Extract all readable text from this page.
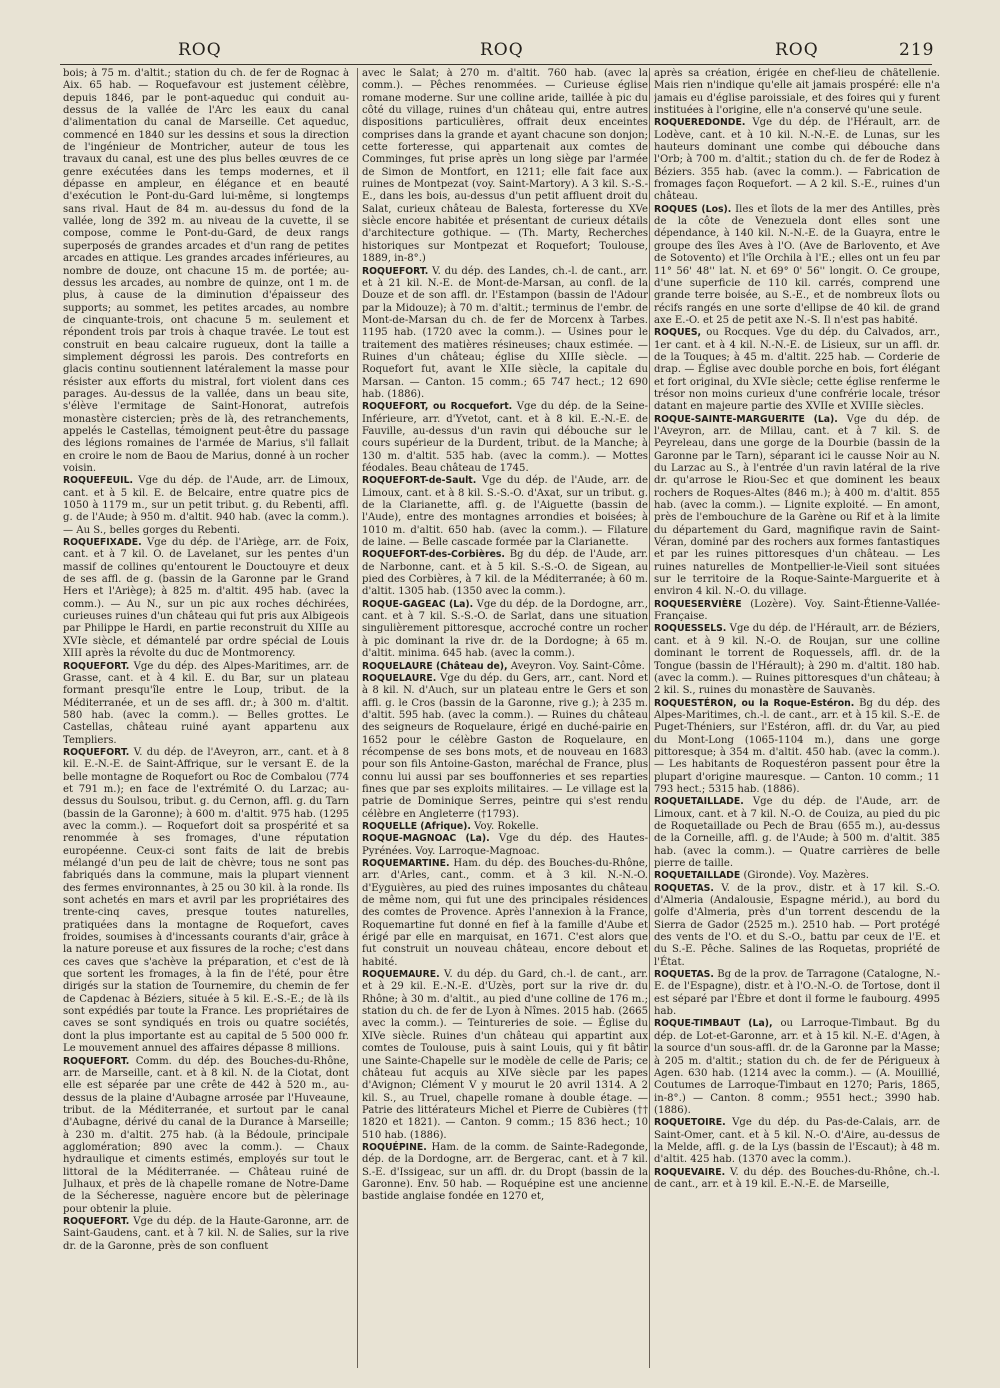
ROQ	ROQ	ROQ	219

bois; à 75 m. d'altit.; station du ch. de fer de Rognac à Aix. 65 hab. — Roquefavour est justement célèbre, depuis 1846, par le pont-aqueduc qui conduit au-dessus de la vallée de l'Arc les eaux du canal d'alimentation du canal de Marseille. Cet aqueduc, commencé en 1840 sur les dessins et sous la direction de l'ingénieur de Montricher, auteur de tous les travaux du canal, est une des plus belles œuvres de ce genre exécutées dans les temps modernes, et il dépasse en ampleur, en élégance et en beauté d'exécution le Pont-du-Gard lui-même, si longtemps sans rival. Haut de 84 m. au-dessus du fond de la vallée, long de 392 m. au niveau de la cuvette, il se compose, comme le Pont-du-Gard, de deux rangs superposés de grandes arcades et d'un rang de petites arcades en attique. Les grandes arcades inférieures, au nombre de douze, ont chacune 15 m. de portée; au-dessus les arcades, au nombre de quinze, ont 1 m. de plus, à cause de la diminution d'épaisseur des supports; au sommet, les petites arcades, au nombre de cinquante-trois, ont chacune 5 m. seulement et répondent trois par trois à chaque travée. Le tout est construit en beau calcaire rugueux, dont la taille a simplement dégrossi les parois. Des contreforts en glacis continu soutiennent latéralement la masse pour résister aux efforts du mistral, fort violent dans ces parages. Au-dessus de la vallée, dans un beau site, s'élève l'ermitage de Saint-Honorat, autrefois monastère cistercien; près de là, des retranchements, appelés le Castellas, témoignent peut-être du passage des légions romaines de l'armée de Marius, s'il fallait en croire le nom de Baou de Marius, donné à un rocher voisin.

ROQUEFEUIL. Vge du dép. de l'Aude, arr. de Limoux, cant. et à 5 kil. E. de Belcaire, entre quatre pics de 1050 à 1179 m., sur un petit tribut. g. du Rebenti, affl. g. de l'Aude; à 950 m. d'altit. 940 hab. (avec la comm.). — Au S., belles gorges du Rebenti.

ROQUEFIXADE. Vge du dép. de l'Ariège, arr. de Foix, cant. et à 7 kil. O. de Lavelanet, sur les pentes d'un massif de collines qu'entourent le Douctouyre et deux de ses affl. de g. (bassin de la Garonne par le Grand Hers et l'Ariège); à 825 m. d'altit. 495 hab. (avec la comm.). — Au N., sur un pic aux roches déchirées, curieuses ruines d'un château qui fut pris aux Albigeois par Philippe le Hardi, en partie reconstruit du XIIIe au XVIe siècle, et démantelé par ordre spécial de Louis XIII après la révolte du duc de Montmorency.

ROQUEFORT. Vge du dép. des Alpes-Maritimes, arr. de Grasse, cant. et à 4 kil. E. du Bar, sur un plateau formant presqu'île entre le Loup, tribut. de la Méditerranée, et un de ses affl. dr.; à 300 m. d'altit. 580 hab. (avec la comm.). — Belles grottes. Le Castellas, château ruiné ayant appartenu aux Templiers.

ROQUEFORT. V. du dép. de l'Aveyron, arr., cant. et à 8 kil. E.-N.-E. de Saint-Affrique, sur le versant E. de la belle montagne de Roquefort ou Roc de Combalou (774 et 791 m.); en face de l'extrémité O. du Larzac; au-dessus du Soulsou, tribut. g. du Cernon, affl. g. du Tarn (bassin de la Garonne); à 600 m. d'altit. 975 hab. (1295 avec la comm.). — Roquefort doit sa prospérité et sa renommée à ses fromages, d'une réputation européenne. Ceux-ci sont faits de lait de brebis mélangé d'un peu de lait de chèvre; tous ne sont pas fabriqués dans la commune, mais la plupart viennent des fermes environnantes, à 25 ou 30 kil. à la ronde. Ils sont achetés en mars et avril par les propriétaires des trente-cinq caves, presque toutes naturelles, pratiquées dans la montagne de Roquefort, caves froides, soumises à d'incessants courants d'air, grâce à la nature poreuse et aux fissures de la roche; c'est dans ces caves que s'achève la préparation, et c'est de là que sortent les fromages, à la fin de l'été, pour être dirigés sur la station de Tournemire, du chemin de fer de Capdenac à Béziers, située à 5 kil. E.-S.-E.; de là ils sont expédiés par toute la France. Les propriétaires de caves se sont syndiqués en trois ou quatre sociétés, dont la plus importante est au capital de 5 500 000 fr. Le mouvement annuel des affaires dépasse 8 millions.

ROQUEFORT. Comm. du dép. des Bouches-du-Rhône, arr. de Marseille, cant. et à 8 kil. N. de la Ciotat, dont elle est séparée par une crête de 442 à 520 m., au-dessus de la plaine d'Aubagne arrosée par l'Huveaune, tribut. de la Méditerranée, et surtout par le canal d'Aubagne, dérivé du canal de la Durance à Marseille; à 230 m. d'altit. 275 hab. (à la Bédoule, principale agglomération; 890 avec la comm.). — Chaux hydraulique et ciments estimés, employés sur tout le littoral de la Méditerranée. — Château ruiné de Julhaux, et près de là chapelle romane de Notre-Dame de la Sécheresse, naguère encore but de pèlerinage pour obtenir la pluie.

ROQUEFORT. Vge du dép. de la Haute-Garonne, arr. de Saint-Gaudens, cant. et à 7 kil. N. de Salies, sur la rive dr. de la Garonne, près de son confluent

avec le Salat; à 270 m. d'altit. 760 hab. (avec la comm.). — Pêches renommées. — Curieuse église romane moderne. Sur une colline aride, taillée à pic du côté du village, ruines d'un château qui, entre autres dispositions particulières, offrait deux enceintes comprises dans la grande et ayant chacune son donjon; cette forteresse, qui appartenait aux comtes de Comminges, fut prise après un long siège par l'armée de Simon de Montfort, en 1211; elle fait face aux ruines de Montpezat (voy. Saint-Martory). A 3 kil. S.-S.-E., dans les bois, au-dessus d'un petit affluent droit du Salat, curieux château de Balesta, forteresse du XVe siècle encore habitée et présentant de curieux détails d'architecture gothique. — (Th. Marty, Recherches historiques sur Montpezat et Roquefort; Toulouse, 1889, in-8°.)

ROQUEFORT. V. du dép. des Landes, ch.-l. de cant., arr. et à 21 kil. N.-E. de Mont-de-Marsan, au confl. de la Douze et de son affl. dr. l'Estampon (bassin de l'Adour par la Midouze); à 70 m. d'altit.; terminus de l'embr. de Mont-de-Marsan du ch. de fer de Morcenx à Tarbes. 1195 hab. (1720 avec la comm.). — Usines pour le traitement des matières résineuses; chaux estimée. — Ruines d'un château; église du XIIIe siècle. — Roquefort fut, avant le XIIe siècle, la capitale du Marsan. — Canton. 15 comm.; 65 747 hect.; 12 690 hab. (1886).

ROQUEFORT, ou Rocquefort. Vge du dép. de la Seine-Inférieure, arr. d'Yvetot, cant. et à 8 kil. E.-N.-E. de Fauville, au-dessus d'un ravin qui débouche sur le cours supérieur de la Durdent, tribut. de la Manche; à 130 m. d'altit. 535 hab. (avec la comm.). — Mottes féodales. Beau château de 1745.

ROQUEFORT-de-Sault. Vge du dép. de l'Aude, arr. de Limoux, cant. et à 8 kil. S.-S.-O. d'Axat, sur un tribut. g. de la Clarianette, affl. g. de l'Aiguette (bassin de l'Aude), entre des montagnes arrondies et boisées; à 1010 m. d'altit. 650 hab. (avec la comm.). — Filature de laine. — Belle cascade formée par la Clarianette.

ROQUEFORT-des-Corbières. Bg du dép. de l'Aude, arr. de Narbonne, cant. et à 5 kil. S.-S.-O. de Sigean, au pied des Corbières, à 7 kil. de la Méditerranée; à 60 m. d'altit. 1305 hab. (1350 avec la comm.).

ROQUE-GAGEAC (La). Vge du dép. de la Dordogne, arr., cant. et à 7 kil. S.-S.-O. de Sarlat, dans une situation singulièrement pittoresque, accroché contre un rocher à pic dominant la rive dr. de la Dordogne; à 65 m. d'altit. minima. 645 hab. (avec la comm.).

ROQUELAURE (Château de), Aveyron. Voy. Saint-Côme.

ROQUELAURE. Vge du dép. du Gers, arr., cant. Nord et à 8 kil. N. d'Auch, sur un plateau entre le Gers et son affl. g. le Cros (bassin de la Garonne, rive g.); à 235 m. d'altit. 595 hab. (avec la comm.). — Ruines du château des seigneurs de Roquelaure, érigé en duché-pairie en 1652 pour le célèbre Gaston de Roquelaure, en récompense de ses bons mots, et de nouveau en 1683 pour son fils Antoine-Gaston, maréchal de France, plus connu lui aussi par ses bouffonneries et ses reparties fines que par ses exploits militaires. — Le village est la patrie de Dominique Serres, peintre qui s'est rendu célèbre en Angleterre (†1793).

ROQUELLE (Afrique). Voy. Rokelle.

ROQUE-MAGNOAC (La). Vge du dép. des Hautes-Pyrénées. Voy. Larroque-Magnoac.

ROQUEMARTINE. Ham. du dép. des Bouches-du-Rhône, arr. d'Arles, cant., comm. et à 3 kil. N.-N.-O. d'Eyguières, au pied des ruines imposantes du château de même nom, qui fut une des principales résidences des comtes de Provence. Après l'annexion à la France, Roquemartine fut donné en fief à la famille d'Aube et érigé par elle en marquisat, en 1671. C'est alors que fut construit un nouveau château, encore debout et habité.

ROQUEMAURE. V. du dép. du Gard, ch.-l. de cant., arr. et à 29 kil. E.-N.-E. d'Uzès, port sur la rive dr. du Rhône; à 30 m. d'altit., au pied d'une colline de 176 m.; station du ch. de fer de Lyon à Nîmes. 2015 hab. (2665 avec la comm.). — Teintureries de soie. — Église du XIVe siècle. Ruines d'un château qui appartint aux comtes de Toulouse, puis à saint Louis, qui y fit bâtir une Sainte-Chapelle sur le modèle de celle de Paris; ce château fut acquis au XIVe siècle par les papes d'Avignon; Clément V y mourut le 20 avril 1314. A 2 kil. S., au Truel, chapelle romane à double étage. — Patrie des littérateurs Michel et Pierre de Cubières (†† 1820 et 1821). — Canton. 9 comm.; 15 836 hect.; 10 510 hab. (1886).

ROQUÉPINE. Ham. de la comm. de Sainte-Radegonde, dép. de la Dordogne, arr. de Bergerac, cant. et à 7 kil. S.-E. d'Issigeac, sur un affl. dr. du Dropt (bassin de la Garonne). Env. 50 hab. — Roquépine est une ancienne bastide anglaise fondée en 1270 et,

après sa création, érigée en chef-lieu de châtellenie. Mais rien n'indique qu'elle ait jamais prospéré: elle n'a jamais eu d'église paroissiale, et des foires qui y furent instituées à l'origine, elle n'a conservé qu'une seule.

ROQUEREDONDE. Vge du dép. de l'Hérault, arr. de Lodève, cant. et à 10 kil. N.-N.-E. de Lunas, sur les hauteurs dominant une combe qui débouche dans l'Orb; à 700 m. d'altit.; station du ch. de fer de Rodez à Béziers. 355 hab. (avec la comm.). — Fabrication de fromages façon Roquefort. — A 2 kil. S.-E., ruines d'un château.

ROQUES (Los). Iles et îlots de la mer des Antilles, près de la côte de Venezuela dont elles sont une dépendance, à 140 kil. N.-N.-E. de la Guayra, entre le groupe des îles Aves à l'O. (Ave de Barlovento, et Ave de Sotovento) et l'île Orchila à l'E.; elles ont un feu par 11° 56' 48'' lat. N. et 69° 0' 56'' longit. O. Ce groupe, d'une superficie de 110 kil. carrés, comprend une grande terre boisée, au S.-E., et de nombreux îlots ou récifs rangés en une sorte d'ellipse de 40 kil. de grand axe E.-O. et 25 de petit axe N.-S. Il n'est pas habité.

ROQUES, ou Rocques. Vge du dép. du Calvados, arr., 1er cant. et à 4 kil. N.-N.-E. de Lisieux, sur un affl. dr. de la Touques; à 45 m. d'altit. 225 hab. — Corderie de drap. — Église avec double porche en bois, fort élégant et fort original, du XVIe siècle; cette église renferme le trésor non moins curieux d'une confrérie locale, trésor datant en majeure partie des XVIIe et XVIIIe siècles.

ROQUE-SAINTE-MARGUERITE (La). Vge du dép. de l'Aveyron, arr. de Millau, cant. et à 7 kil. S. de Peyreleau, dans une gorge de la Dourbie (bassin de la Garonne par le Tarn), séparant ici le causse Noir au N. du Larzac au S., à l'entrée d'un ravin latéral de la rive dr. qu'arrose le Riou-Sec et que dominent les beaux rochers de Roques-Altes (846 m.); à 400 m. d'altit. 855 hab. (avec la comm.). — Lignite exploité. — En amont, près de l'embouchure de la Garène ou Rif et à la limite du département du Gard, magnifique ravin de Saint-Véran, dominé par des rochers aux formes fantastiques et par les ruines pittoresques d'un château. — Les ruines naturelles de Montpellier-le-Vieil sont situées sur le territoire de la Roque-Sainte-Marguerite et à environ 4 kil. N.-O. du village.

ROQUESERVIÈRE (Lozère). Voy. Saint-Étienne-Vallée-Française.

ROQUESSELS. Vge du dép. de l'Hérault, arr. de Béziers, cant. et à 9 kil. N.-O. de Roujan, sur une colline dominant le torrent de Roquessels, affl. dr. de la Tongue (bassin de l'Hérault); à 290 m. d'altit. 180 hab. (avec la comm.). — Ruines pittoresques d'un château; à 2 kil. S., ruines du monastère de Sauvanès.

ROQUESTÉRON, ou la Roque-Estéron. Bg du dép. des Alpes-Maritimes, ch.-l. de cant., arr. et à 15 kil. S.-E. de Puget-Théniers, sur l'Estéron, affl. dr. du Var, au pied du Mont-Long (1065-1104 m.), dans une gorge pittoresque; à 354 m. d'altit. 450 hab. (avec la comm.). — Les habitants de Roquestéron passent pour être la plupart d'origine mauresque. — Canton. 10 comm.; 11 793 hect.; 5315 hab. (1886).

ROQUETAILLADE. Vge du dép. de l'Aude, arr. de Limoux, cant. et à 7 kil. N.-O. de Couiza, au pied du pic de Roquetaillade ou Pech de Brau (655 m.), au-dessus de la Corneille, affl. g. de l'Aude; à 500 m. d'altit. 385 hab. (avec la comm.). — Quatre carrières de belle pierre de taille.

ROQUETAILLADE (Gironde). Voy. Mazères.

ROQUETAS. V. de la prov., distr. et à 17 kil. S.-O. d'Almeria (Andalousie, Espagne mérid.), au bord du golfe d'Almeria, près d'un torrent descendu de la Sierra de Gador (2525 m.). 2510 hab. — Port protégé des vents de l'O. et du S.-O., battu par ceux de l'E. et du S.-E. Pêche. Salines de las Roquetas, propriété de l'État.

ROQUETAS. Bg de la prov. de Tarragone (Catalogne, N.-E. de l'Espagne), distr. et à l'O.-N.-O. de Tortose, dont il est séparé par l'Èbre et dont il forme le faubourg. 4995 hab.

ROQUE-TIMBAUT (La), ou Larroque-Timbaut. Bg du dép. de Lot-et-Garonne, arr. et à 15 kil. N.-E. d'Agen, à la source d'un sous-affl. dr. de la Garonne par la Masse; à 205 m. d'altit.; station du ch. de fer de Périgueux à Agen. 630 hab. (1214 avec la comm.). — (A. Mouillié, Coutumes de Larroque-Timbaut en 1270; Paris, 1865, in-8°.) — Canton. 8 comm.; 9551 hect.; 3990 hab. (1886).

ROQUETOIRE. Vge du dép. du Pas-de-Calais, arr. de Saint-Omer, cant. et à 5 kil. N.-O. d'Aire, au-dessus de la Melde, affl. g. de la Lys (bassin de l'Escaut); à 48 m. d'altit. 425 hab. (1370 avec la comm.).

ROQUEVAIRE. V. du dép. des Bouches-du-Rhône, ch.-l. de cant., arr. et à 19 kil. E.-N.-E. de Marseille,
